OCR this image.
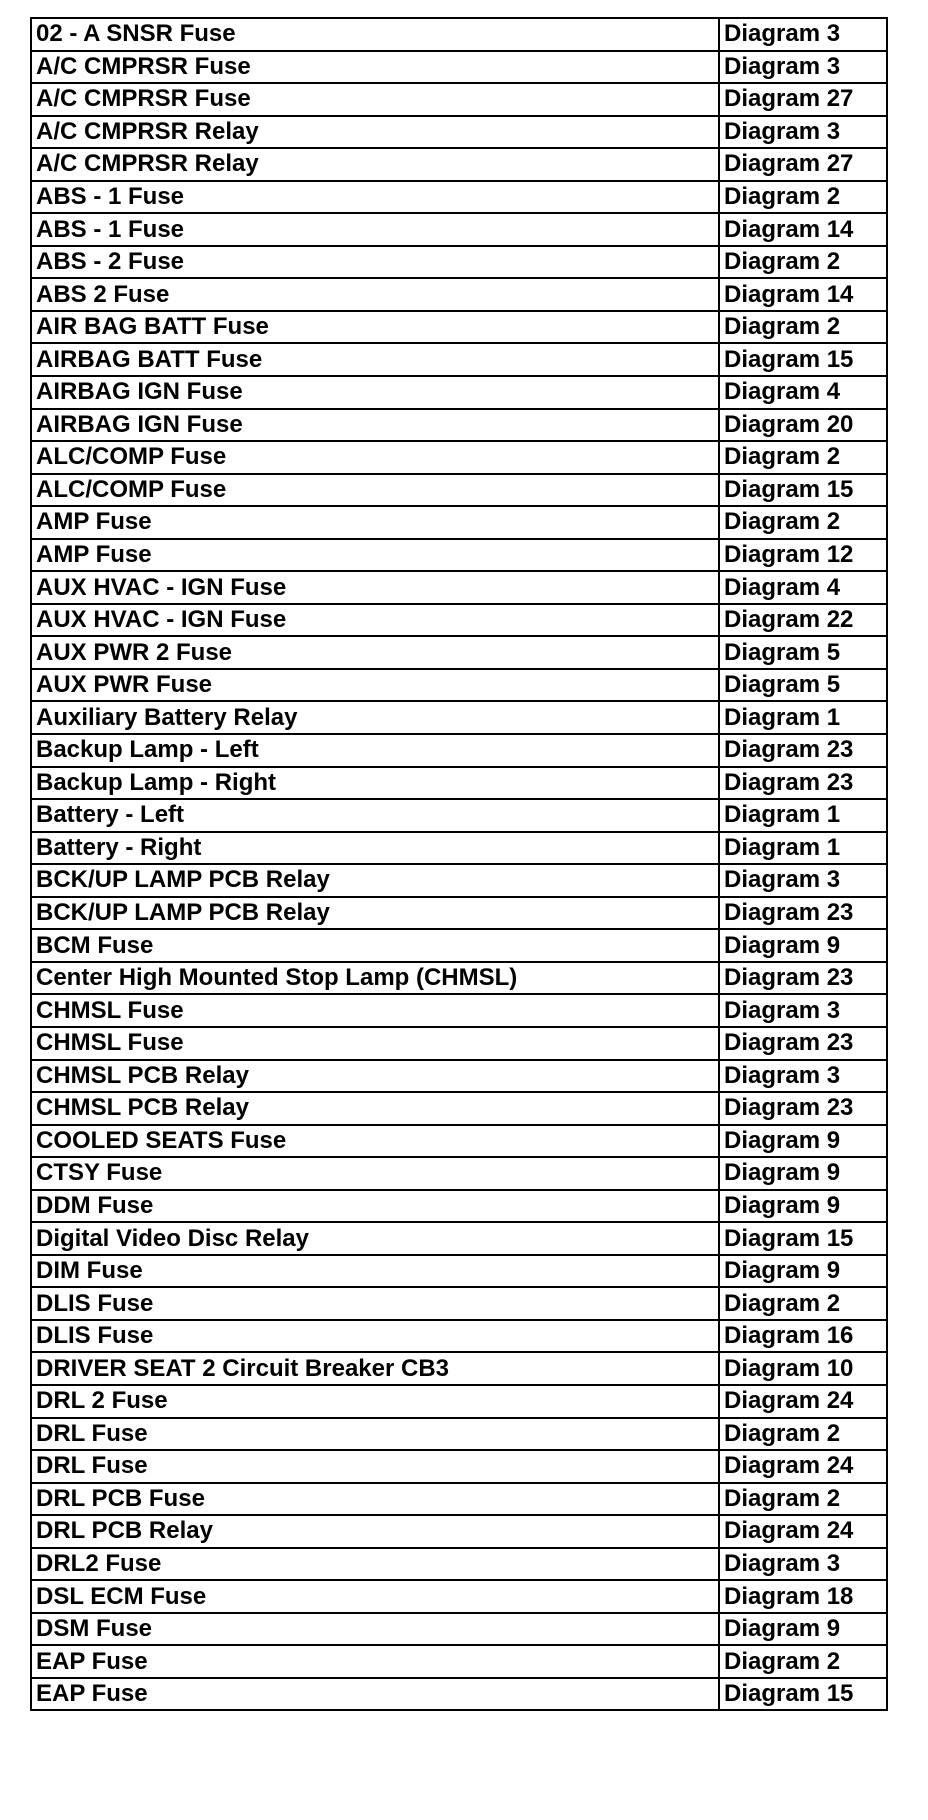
02 - A SNSR Fuse	Diagram 3
A/C CMPRSR Fuse	Diagram 3
A/C CMPRSR Fuse	Diagram 27
A/C CMPRSR Relay	Diagram 3
A/C CMPRSR Relay	Diagram 27
ABS - 1 Fuse	Diagram 2
ABS - 1 Fuse	Diagram 14
ABS - 2 Fuse	Diagram 2
ABS 2 Fuse	Diagram 14
AIR BAG BATT Fuse	Diagram 2
AIRBAG BATT Fuse	Diagram 15
AIRBAG IGN Fuse	Diagram 4
AIRBAG IGN Fuse	Diagram 20
ALC/COMP Fuse	Diagram 2
ALC/COMP Fuse	Diagram 15
AMP Fuse	Diagram 2
AMP Fuse	Diagram 12
AUX HVAC - IGN Fuse	Diagram 4
AUX HVAC - IGN Fuse	Diagram 22
AUX PWR 2 Fuse	Diagram 5
AUX PWR Fuse	Diagram 5
Auxiliary Battery Relay	Diagram 1
Backup Lamp - Left	Diagram 23
Backup Lamp - Right	Diagram 23
Battery - Left	Diagram 1
Battery - Right	Diagram 1
BCK/UP LAMP PCB Relay	Diagram 3
BCK/UP LAMP PCB Relay	Diagram 23
BCM Fuse	Diagram 9
Center High Mounted Stop Lamp (CHMSL)	Diagram 23
CHMSL Fuse	Diagram 3
CHMSL Fuse	Diagram 23
CHMSL PCB Relay	Diagram 3
CHMSL PCB Relay	Diagram 23
COOLED SEATS Fuse	Diagram 9
CTSY Fuse	Diagram 9
DDM Fuse	Diagram 9
Digital Video Disc Relay	Diagram 15
DIM Fuse	Diagram 9
DLIS Fuse	Diagram 2
DLIS Fuse	Diagram 16
DRIVER SEAT 2 Circuit Breaker CB3	Diagram 10
DRL 2 Fuse	Diagram 24
DRL Fuse	Diagram 2
DRL Fuse	Diagram 24
DRL PCB Fuse	Diagram 2
DRL PCB Relay	Diagram 24
DRL2 Fuse	Diagram 3
DSL ECM Fuse	Diagram 18
DSM Fuse	Diagram 9
EAP Fuse	Diagram 2
EAP Fuse	Diagram 15
